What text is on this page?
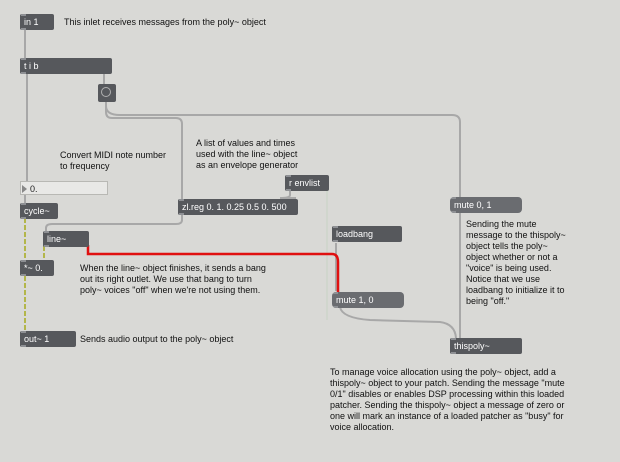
in 1
t i b
0.
cycle~
line~
*~ 0.
out~ 1
zl.reg 0. 1. 0.25 0.5 0. 500
r envlist
loadbang
mute 1, 0
mute 0, 1
thispoly~
This inlet receives messages from the poly~ object
Convert MIDI note number
to frequency
A list of values and times
used with the line~ object
as an envelope generator
When the line~ object finishes, it sends a bang
out its right outlet. We use that bang to turn
poly~ voices "off" when we're not using them.
Sends audio output to the poly~ object
Sending the mute
message to the thispoly~
object tells the poly~
object whether or not a
"voice" is being used.
Notice that we use
loadbang to initialize it to
being "off."
To manage voice allocation using the poly~ object, add a
thispoly~ object to your patch. Sending the message "mute
0/1" disables or enables DSP processing within this loaded
patcher. Sending the thispoly~ object a message of zero or
one will mark an instance of a loaded patcher as "busy" for
voice allocation.
